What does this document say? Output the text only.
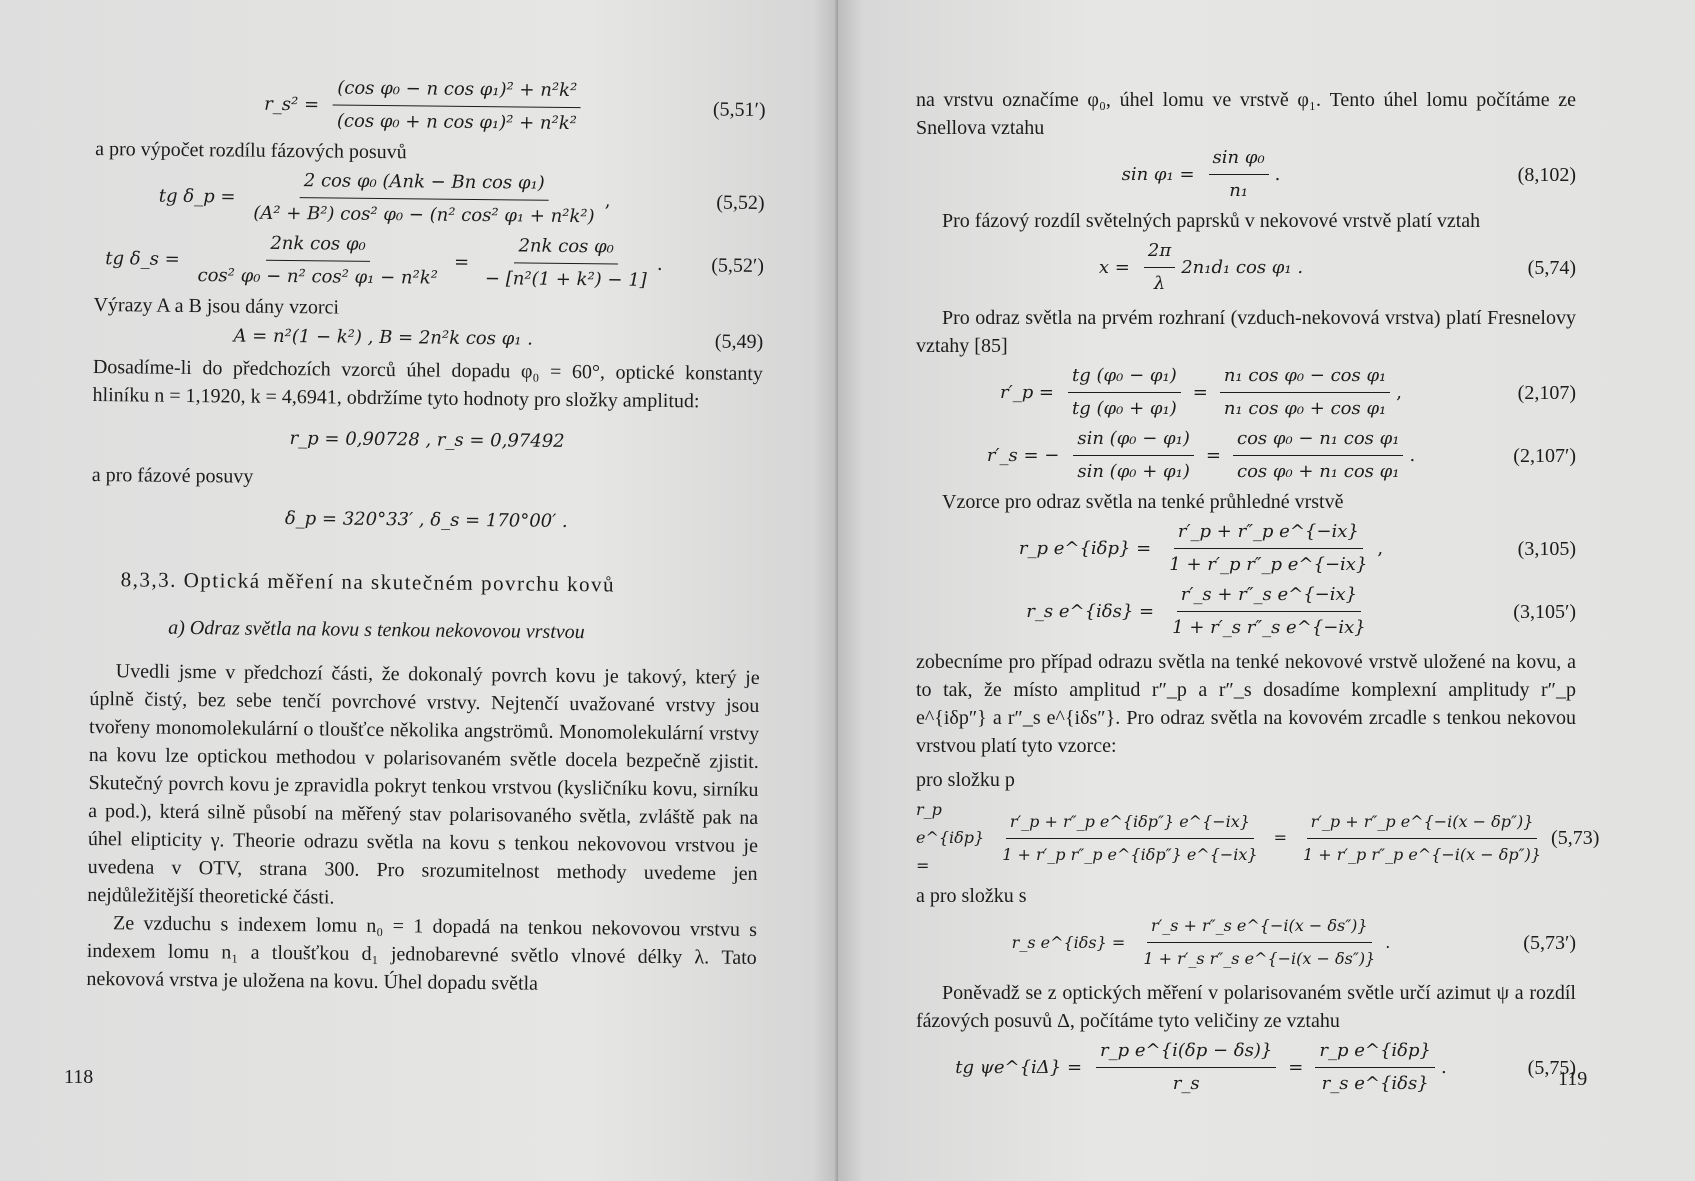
r_s² = $\frac{\text{(cos φ₀ − n cos φ₁)² + n²k²}}{\text{(cos φ₀ + n cos φ₁)² + n²k²}}$	(5,51′)

a pro výpočet rozdílu fázových posuvů

tg δ_p = $\frac{\text{2 cos φ₀ (Ank − Bn cos φ₁)}}{\text{(A² + B²) cos² φ₀ − (n² cos² φ₁ + n²k²)}}$ ,	(5,52)
tg δ_s = $\frac{\text{2nk cos φ₀}}{\text{cos² φ₀ − n² cos² φ₁ − n²k²}} = \frac{\text{2nk cos φ₀}}{\text{− [n²(1 + k²) − 1]}}$ .	(5,52′)

Výrazy A a B jsou dány vzorci

A = n²(1 − k²) , B = 2n²k cos φ₁ .	(5,49)

Dosadíme-li do předchozích vzorců úhel dopadu φ₀ = 60°, optické konstanty hliníku n = 1,1920, k = 4,6941, obdržíme tyto hodnoty pro složky amplitud:

r_p = 0,90728 , r_s = 0,97492

a pro fázové posuvy

δ_p = 320°33′ , δ_s = 170°00′ .
8,3,3. Optická měření na skutečném povrchu kovů
a) Odraz světla na kovu s tenkou nekovovou vrstvou

Uvedli jsme v předchozí části, že dokonalý povrch kovu je takový, který je úplně čistý, bez sebe tenčí povrchové vrstvy. Nejtenčí uvažované vrstvy jsou tvořeny monomolekulární o tloušťce několika angströmů. Monomolekulární vrstvy na kovu lze optickou methodou v polarisovaném světle docela bezpečně zjistit. Skutečný povrch kovu je zpravidla pokryt tenkou vrstvou (kysličníku kovu, sirníku a pod.), která silně působí na měřený stav polarisovaného světla, zvláště pak na úhel elipticity γ. Theorie odrazu světla na kovu s tenkou nekovovou vrstvou je uvedena v OTV, strana 300. Pro srozumitelnost methody uvedeme jen nejdůležitější theoretické části.

Ze vzduchu s indexem lomu n₀ = 1 dopadá na tenkou nekovovou vrstvu s indexem lomu n₁ a tloušťkou d₁ jednobarevné světlo vlnové délky λ. Tato nekovová vrstva je uložena na kovu. Úhel dopadu světla

118

na vrstvu označíme φ₀, úhel lomu ve vrstvě φ₁. Tento úhel lomu počítáme ze Snellova vztahu

$\sin \varphi_1 = \frac{\text{sin φ₀}}{\text{n₁}}$ .	(8,102)

Pro fázový rozdíl světelných paprsků v nekovové vrstvě platí vztah

$x = \frac{2\pi}{\lambda} 2n_1d_1$ cos φ₁ .	(5,74)

Pro odraz světla na prvém rozhraní (vzduch-nekovová vrstva) platí Fresnelovy vztahy [85]

r′_p = $\frac{\text{tg (φ₀ − φ₁)}}{\text{tg (φ₀ + φ₁)}} = \frac{\text{n₁ cos φ₀ − cos φ₁}}{\text{n₁ cos φ₀ + cos φ₁}}$ ,	(2,107)
r′_s = − $\frac{\text{sin (φ₀ − φ₁)}}{\text{sin (φ₀ + φ₁)}} = \frac{\text{cos φ₀ − n₁ cos φ₁}}{\text{cos φ₀ + n₁ cos φ₁}}$ .	(2,107′)

Vzorce pro odraz světla na tenké průhledné vrstvě

r_p e^{iδp} = $\frac{\text{r′\_p + r″\_p e\textasciicircum{}\{−ix\}}}{\text{1 + r′\_p r″\_p e\textasciicircum{}\{−ix\}}}$ ,	(3,105)
r_s e^{iδs} = $\frac{\text{r′\_s + r″\_s e\textasciicircum{}\{−ix\}}}{\text{1 + r′\_s r″\_s e\textasciicircum{}\{−ix\}}}$	(3,105′)

zobecníme pro případ odrazu světla na tenké nekovové vrstvě uložené na kovu, a to tak, že místo amplitud r″_p a r″_s dosadíme komplexní amplitudy r″_p e^{iδp″} a r″_s e^{iδs″}. Pro odraz světla na kovovém zrcadle s tenkou nekovou vrstvou platí tyto vzorce:

pro složku p

r_p e^{iδp} =	$\frac{\text{r′\_p + r″\_p e\textasciicircum{}\{iδp″\} e\textasciicircum{}\{−ix\}}}{\text{1 + r′\_p r″\_p e\textasciicircum{}\{iδp″\} e\textasciicircum{}\{−ix\}}} = \frac{\text{r′\_p + r″\_p e\textasciicircum{}\{−i(x − δp″)\}}}{\text{1 + r′\_p r″\_p e\textasciicircum{}\{−i(x − δp″)\}}} (5,73)$

a pro složku s

r_s e^{iδs} = $\frac{\text{r′\_s + r″\_s e\textasciicircum{}\{−i(x − δs″)\}}}{\text{1 + r′\_s r″\_s e\textasciicircum{}\{−i(x − δs″)\}}}$ .	(5,73′)

Poněvadž se z optických měření v polarisovaném světle určí azimut ψ a rozdíl fázových posuvů Δ, počítáme tyto veličiny ze vztahu

tg ψe^{iΔ} = $\frac{\text{r\_p e\textasciicircum{}\{i(δp − δs)\}}}{r\_s} = \frac{\text{r\_p e\textasciicircum{}\{iδp\}}}{\text{r\_s e\textasciicircum{}\{iδs\}}}$ .	(5,75)
119
